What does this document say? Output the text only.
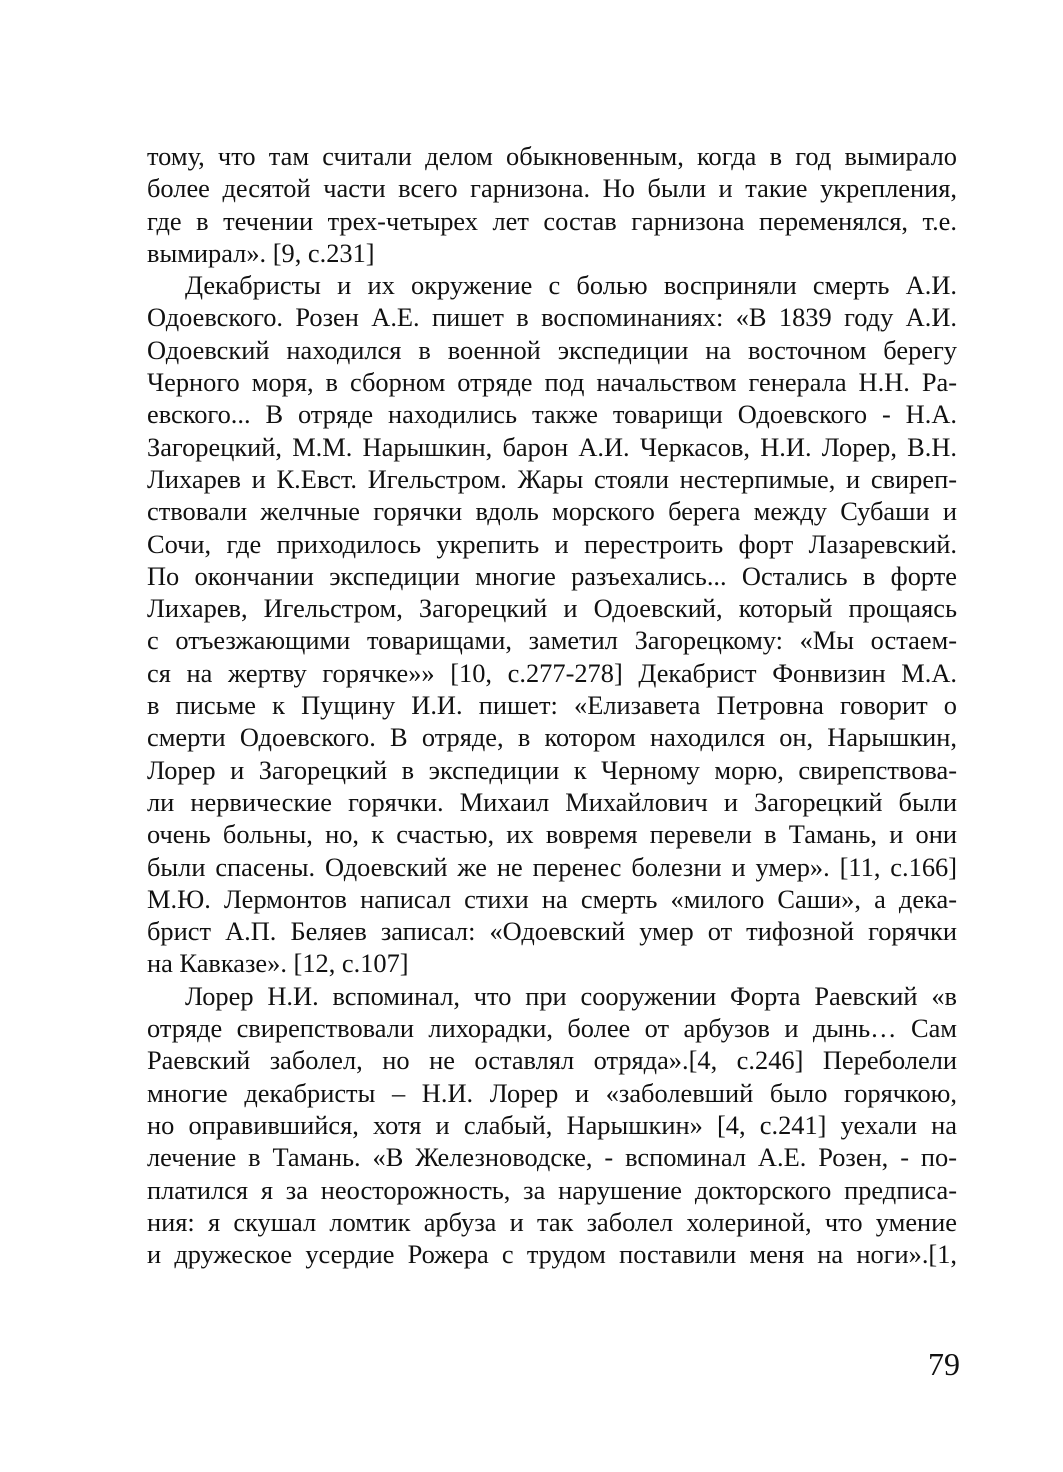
тому, что там считали делом обыкновенным, когда в год вымирало
более десятой части всего гарнизона. Но были и такие укрепления,
где в течении трех-четырех лет состав гарнизона переменялся, т.е.
вымирал». [9, с.231]
Декабристы и их окружение с болью восприняли смерть А.И.
Одоевского. Розен А.Е. пишет в воспоминаниях: «В 1839 году А.И.
Одоевский находился в военной экспедиции на восточном берегу
Черного моря, в сборном отряде под начальством генерала Н.Н. Ра-
евского... В отряде находились также товарищи Одоевского - Н.А.
Загорецкий, М.М. Нарышкин, барон А.И. Черкасов, Н.И. Лорер, В.Н.
Лихарев и К.Евст. Игельстром. Жары стояли нестерпимые, и свиреп-
ствовали желчные горячки вдоль морского берега между Субаши и
Сочи, где приходилось укрепить и перестроить форт Лазаревский.
По окончании экспедиции многие разъехались... Остались в форте
Лихарев, Игельстром, Загорецкий и Одоевский, который прощаясь
с отъезжающими товарищами, заметил Загорецкому: «Мы остаем-
ся на жертву горячке»» [10, с.277-278] Декабрист Фонвизин М.А.
в письме к Пущину И.И. пишет: «Елизавета Петровна говорит о
смерти Одоевского. В отряде, в котором находился он, Нарышкин,
Лорер и Загорецкий в экспедиции к Черному морю, свирепствова-
ли нервические горячки. Михаил Михайлович и Загорецкий были
очень больны, но, к счастью, их вовремя перевели в Тамань, и они
были спасены. Одоевский же не перенес болезни и умер». [11, с.166]
М.Ю. Лермонтов написал стихи на смерть «милого Саши», а дека-
брист А.П. Беляев записал: «Одоевский умер от тифозной горячки
на Кавказе». [12, с.107]
Лорер Н.И. вспоминал, что при сооружении Форта Раевский «в
отряде свирепствовали лихорадки, более от арбузов и дынь… Сам
Раевский заболел, но не оставлял отряда».[4, с.246] Переболели
многие декабристы – Н.И. Лорер и «заболевший было горячкою,
но оправившийся, хотя и слабый, Нарышкин» [4, с.241] уехали на
лечение в Тамань. «В Железноводске, - вспоминал А.Е. Розен, - по-
платился я за неосторожность, за нарушение докторского предписа-
ния: я скушал ломтик арбуза и так заболел холериной, что умение
и дружеское усердие Рожера с трудом поставили меня на ноги».[1,
79
